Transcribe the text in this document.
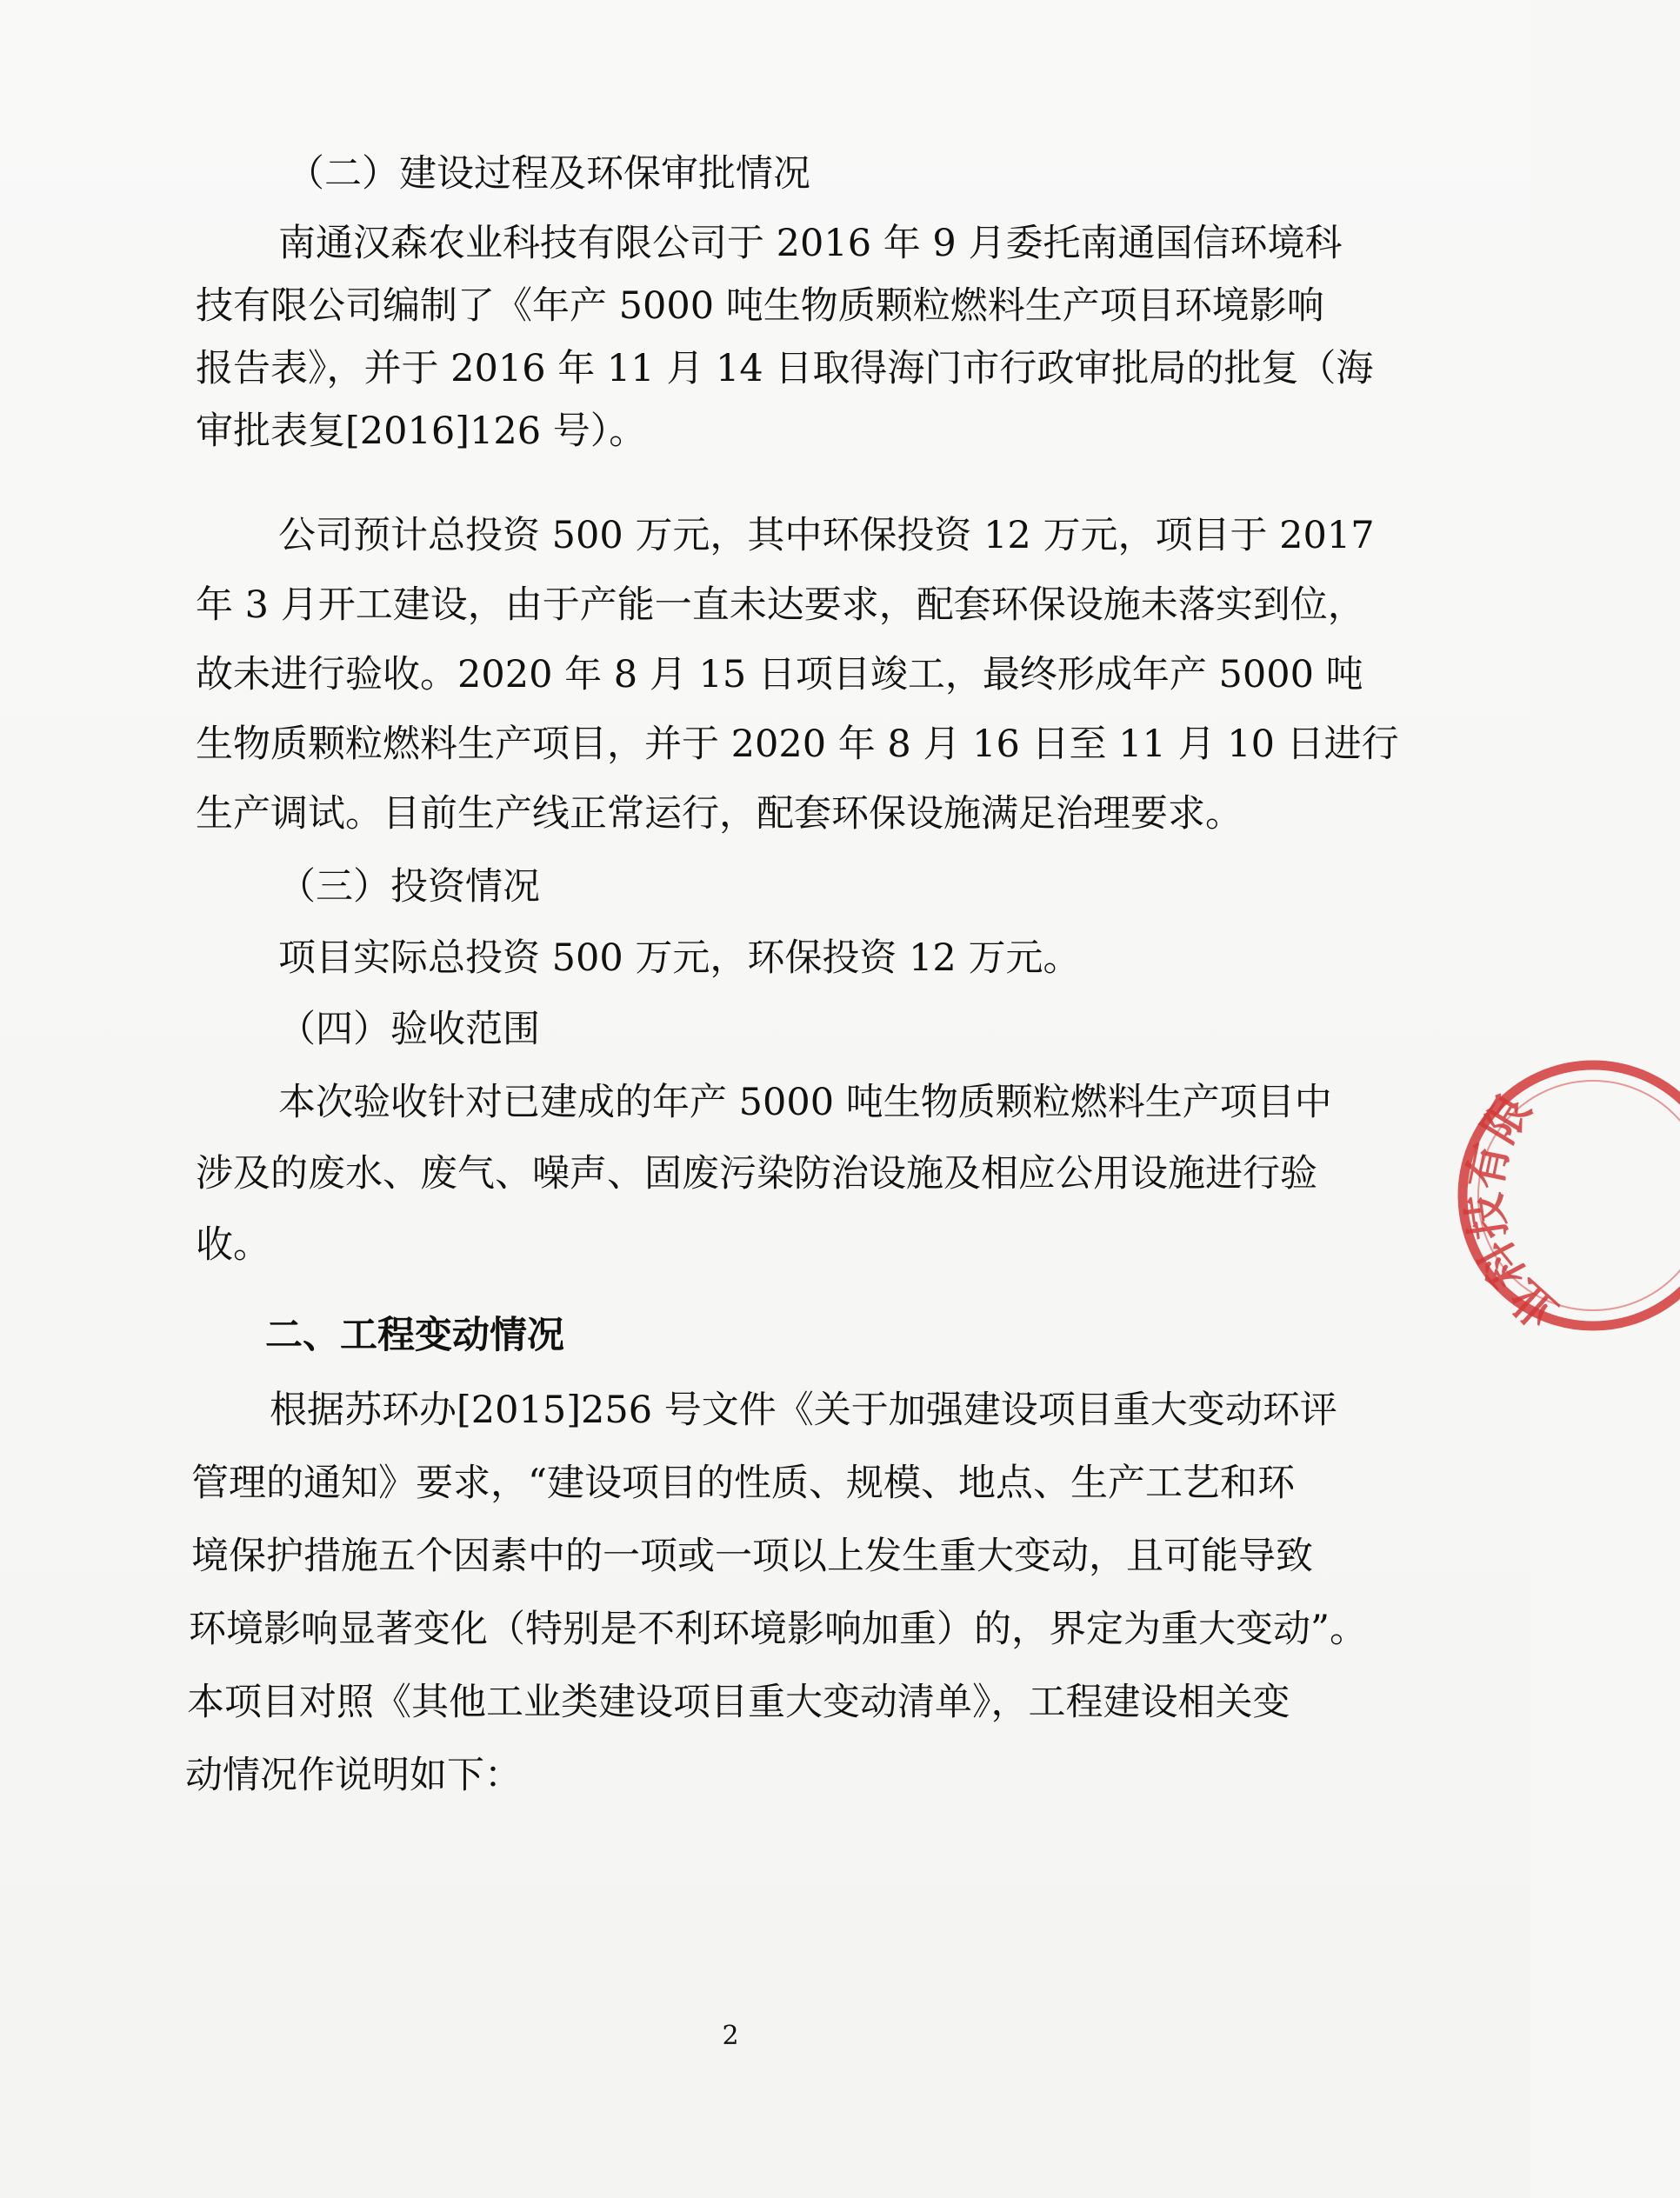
（二）建设过程及环保审批情况
南通汉森农业科技有限公司于 2016 年 9 月委托南通国信环境科
技有限公司编制了《年产 5000 吨生物质颗粒燃料生产项目环境影响
报告表》，并于 2016 年 11 月 14 日取得海门市行政审批局的批复（海
审批表复[2016]126 号）。
公司预计总投资 500 万元，其中环保投资 12 万元，项目于 2017
年 3 月开工建设，由于产能一直未达要求，配套环保设施未落实到位，
故未进行验收。2020 年 8 月 15 日项目竣工，最终形成年产 5000 吨
生物质颗粒燃料生产项目，并于 2020 年 8 月 16 日至 11 月 10 日进行
生产调试。目前生产线正常运行，配套环保设施满足治理要求。
（三）投资情况
项目实际总投资 500 万元，环保投资 12 万元。
（四）验收范围
本次验收针对已建成的年产 5000 吨生物质颗粒燃料生产项目中
涉及的废水、废气、噪声、固废污染防治设施及相应公用设施进行验
收。
二、工程变动情况
根据苏环办[2015]256 号文件《关于加强建设项目重大变动环评
管理的通知》要求，“建设项目的性质、规模、地点、生产工艺和环
境保护措施五个因素中的一项或一项以上发生重大变动，且可能导致
环境影响显著变化（特别是不利环境影响加重）的，界定为重大变动”。
本项目对照《其他工业类建设项目重大变动清单》，工程建设相关变
动情况作说明如下：
2
业科技有限
